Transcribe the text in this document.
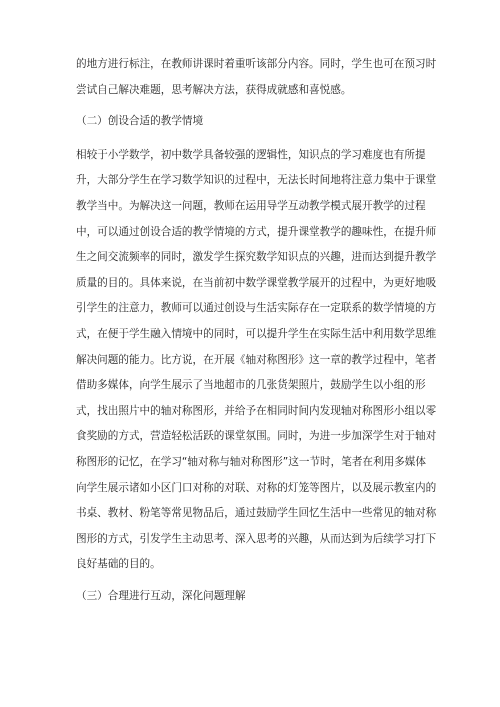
的地方进行标注，在教师讲课时着重听该部分内容。同时，学生也可在预习时
尝试自己解决难题，思考解决方法，获得成就感和喜悦感。
（二）创设合适的教学情境
相较于小学数学，初中数学具备较强的逻辑性，知识点的学习难度也有所提
升，大部分学生在学习数学知识的过程中，无法长时间地将注意力集中于课堂
教学当中。为解决这一问题，教师在运用导学互动教学模式展开教学的过程
中，可以通过创设合适的教学情境的方式，提升课堂教学的趣味性，在提升师
生之间交流频率的同时，激发学生探究数学知识点的兴趣，进而达到提升教学
质量的目的。具体来说，在当前初中数学课堂教学展开的过程中，为更好地吸
引学生的注意力，教师可以通过创设与生活实际存在一定联系的数学情境的方
式，在便于学生融入情境中的同时，可以提升学生在实际生活中利用数学思维
解决问题的能力。比方说，在开展《轴对称图形》这一章的教学过程中，笔者
借助多媒体，向学生展示了当地超市的几张货架照片，鼓励学生以小组的形
式，找出照片中的轴对称图形，并给予在相同时间内发现轴对称图形小组以零
食奖励的方式，营造轻松活跃的课堂氛围。同时，为进一步加深学生对于轴对
称图形的记忆，在学习“轴对称与轴对称图形”这一节时，笔者在利用多媒体
向学生展示诸如小区门口对称的对联、对称的灯笼等图片，以及展示教室内的
书桌、教材、粉笔等常见物品后，通过鼓励学生回忆生活中一些常见的轴对称
图形的方式，引发学生主动思考、深入思考的兴趣，从而达到为后续学习打下
良好基础的目的。
（三）合理进行互动，深化问题理解
